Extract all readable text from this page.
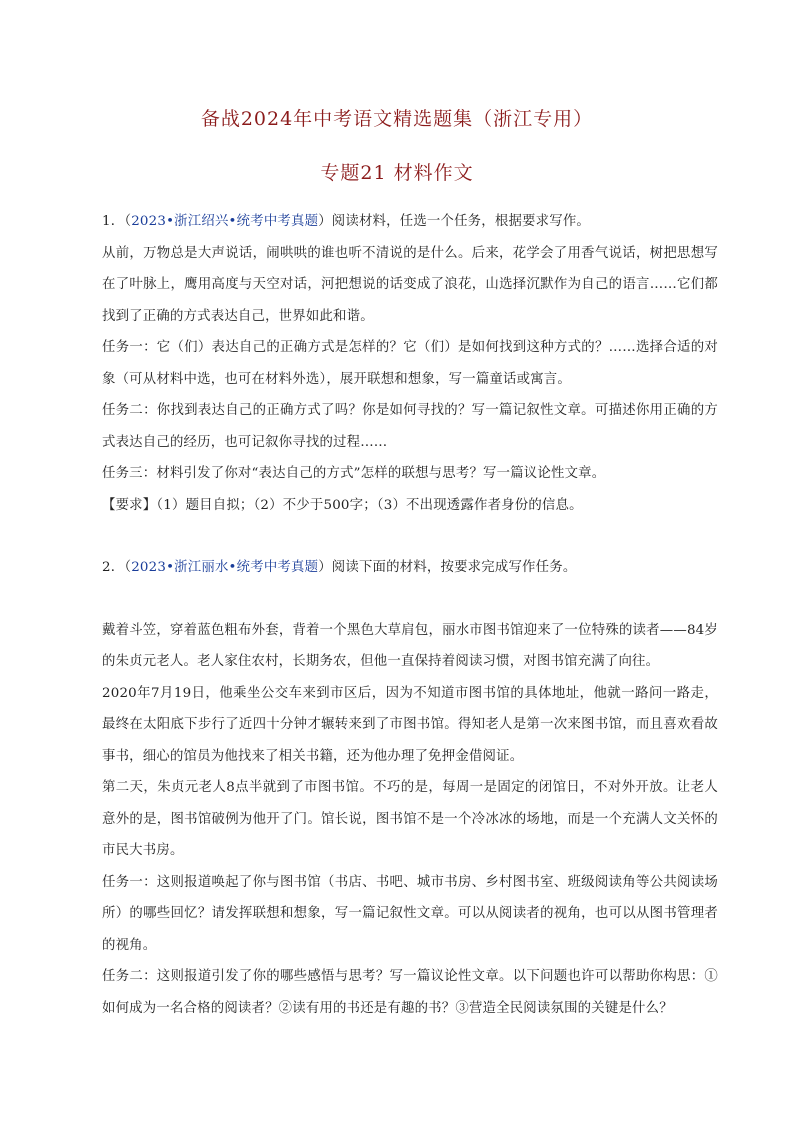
备战2024年中考语文精选题集（浙江专用）
专题21 材料作文

1．（2023•浙江绍兴•统考中考真题）阅读材料，任选一个任务，根据要求写作。

从前，万物总是大声说话，闹哄哄的谁也听不清说的是什么。后来，花学会了用香气说话，树把思想写在了叶脉上，鹰用高度与天空对话，河把想说的话变成了浪花，山选择沉默作为自己的语言……它们都找到了正确的方式表达自己，世界如此和谐。

任务一：它（们）表达自己的正确方式是怎样的？它（们）是如何找到这种方式的？……选择合适的对象（可从材料中选，也可在材料外选），展开联想和想象，写一篇童话或寓言。

任务二：你找到表达自己的正确方式了吗？你是如何寻找的？写一篇记叙性文章。可描述你用正确的方式表达自己的经历，也可记叙你寻找的过程……

任务三：材料引发了你对“表达自己的方式”怎样的联想与思考？写一篇议论性文章。

【要求】（1）题目自拟；（2）不少于500字；（3）不出现透露作者身份的信息。

2．（2023•浙江丽水•统考中考真题）阅读下面的材料，按要求完成写作任务。

戴着斗笠，穿着蓝色粗布外套，背着一个黑色大草肩包，丽水市图书馆迎来了一位特殊的读者——84岁的朱贞元老人。老人家住农村，长期务农，但他一直保持着阅读习惯，对图书馆充满了向往。

2020年7月19日，他乘坐公交车来到市区后，因为不知道市图书馆的具体地址，他就一路问一路走，最终在太阳底下步行了近四十分钟才辗转来到了市图书馆。得知老人是第一次来图书馆，而且喜欢看故事书，细心的馆员为他找来了相关书籍，还为他办理了免押金借阅证。

第二天，朱贞元老人8点半就到了市图书馆。不巧的是，每周一是固定的闭馆日，不对外开放。让老人意外的是，图书馆破例为他开了门。馆长说，图书馆不是一个冷冰冰的场地，而是一个充满人文关怀的市民大书房。

任务一：这则报道唤起了你与图书馆（书店、书吧、城市书房、乡村图书室、班级阅读角等公共阅读场所）的哪些回忆？请发挥联想和想象，写一篇记叙性文章。可以从阅读者的视角，也可以从图书管理者的视角。

任务二：这则报道引发了你的哪些感悟与思考？写一篇议论性文章。以下问题也许可以帮助你构思：①如何成为一名合格的阅读者？②读有用的书还是有趣的书？③营造全民阅读氛围的关键是什么？
